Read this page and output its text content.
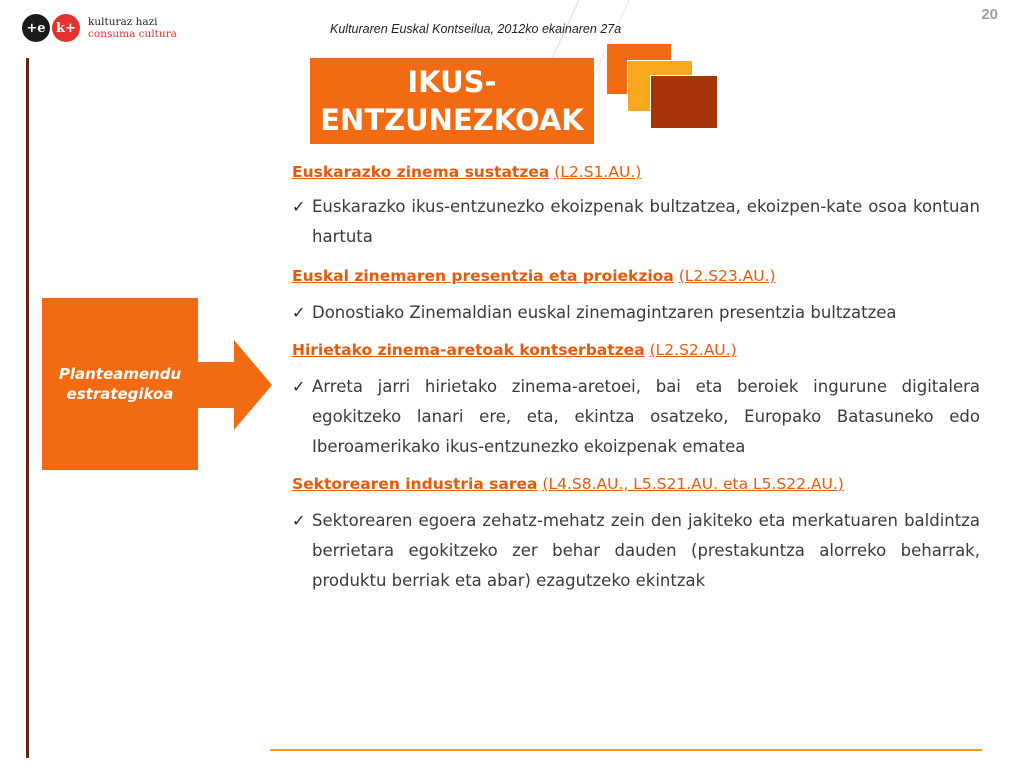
+e k+	kulturaz hazi
consuma cultura	Kulturaren Euskal Kontseilua, 2012ko ekainaren 27a
20
IKUS-
ENTZUNEZKOAK
Planteamendu estrategikoa
Euskarazko zinema sustatzea (L2.S1.AU.)
✓ Euskarazko ikus-entzunezko ekoizpenak bultzatzea, ekoizpen-kate osoa kontuan hartuta

Euskal zinemaren presentzia eta proiekzioa (L2.S23.AU.)
✓ Donostiako Zinemaldian euskal zinemagintzaren presentzia bultzatzea

Hirietako zinema-aretoak kontserbatzea (L2.S2.AU.)
✓ Arreta jarri hirietako zinema-aretoei, bai eta beroiek ingurune digitalera egokitzeko lanari ere, eta, ekintza osatzeko, Europako Batasuneko edo Iberoamerikako ikus-entzunezko ekoizpenak ematea

Sektorearen industria sarea (L4.S8.AU., L5.S21.AU. eta L5.S22.AU.)
✓ Sektorearen egoera zehatz-mehatz zein den jakiteko eta merkatuaren baldintza berrietara egokitzeko zer behar dauden (prestakuntza alorreko beharrak, produktu berriak eta abar) ezagutzeko ekintzak
